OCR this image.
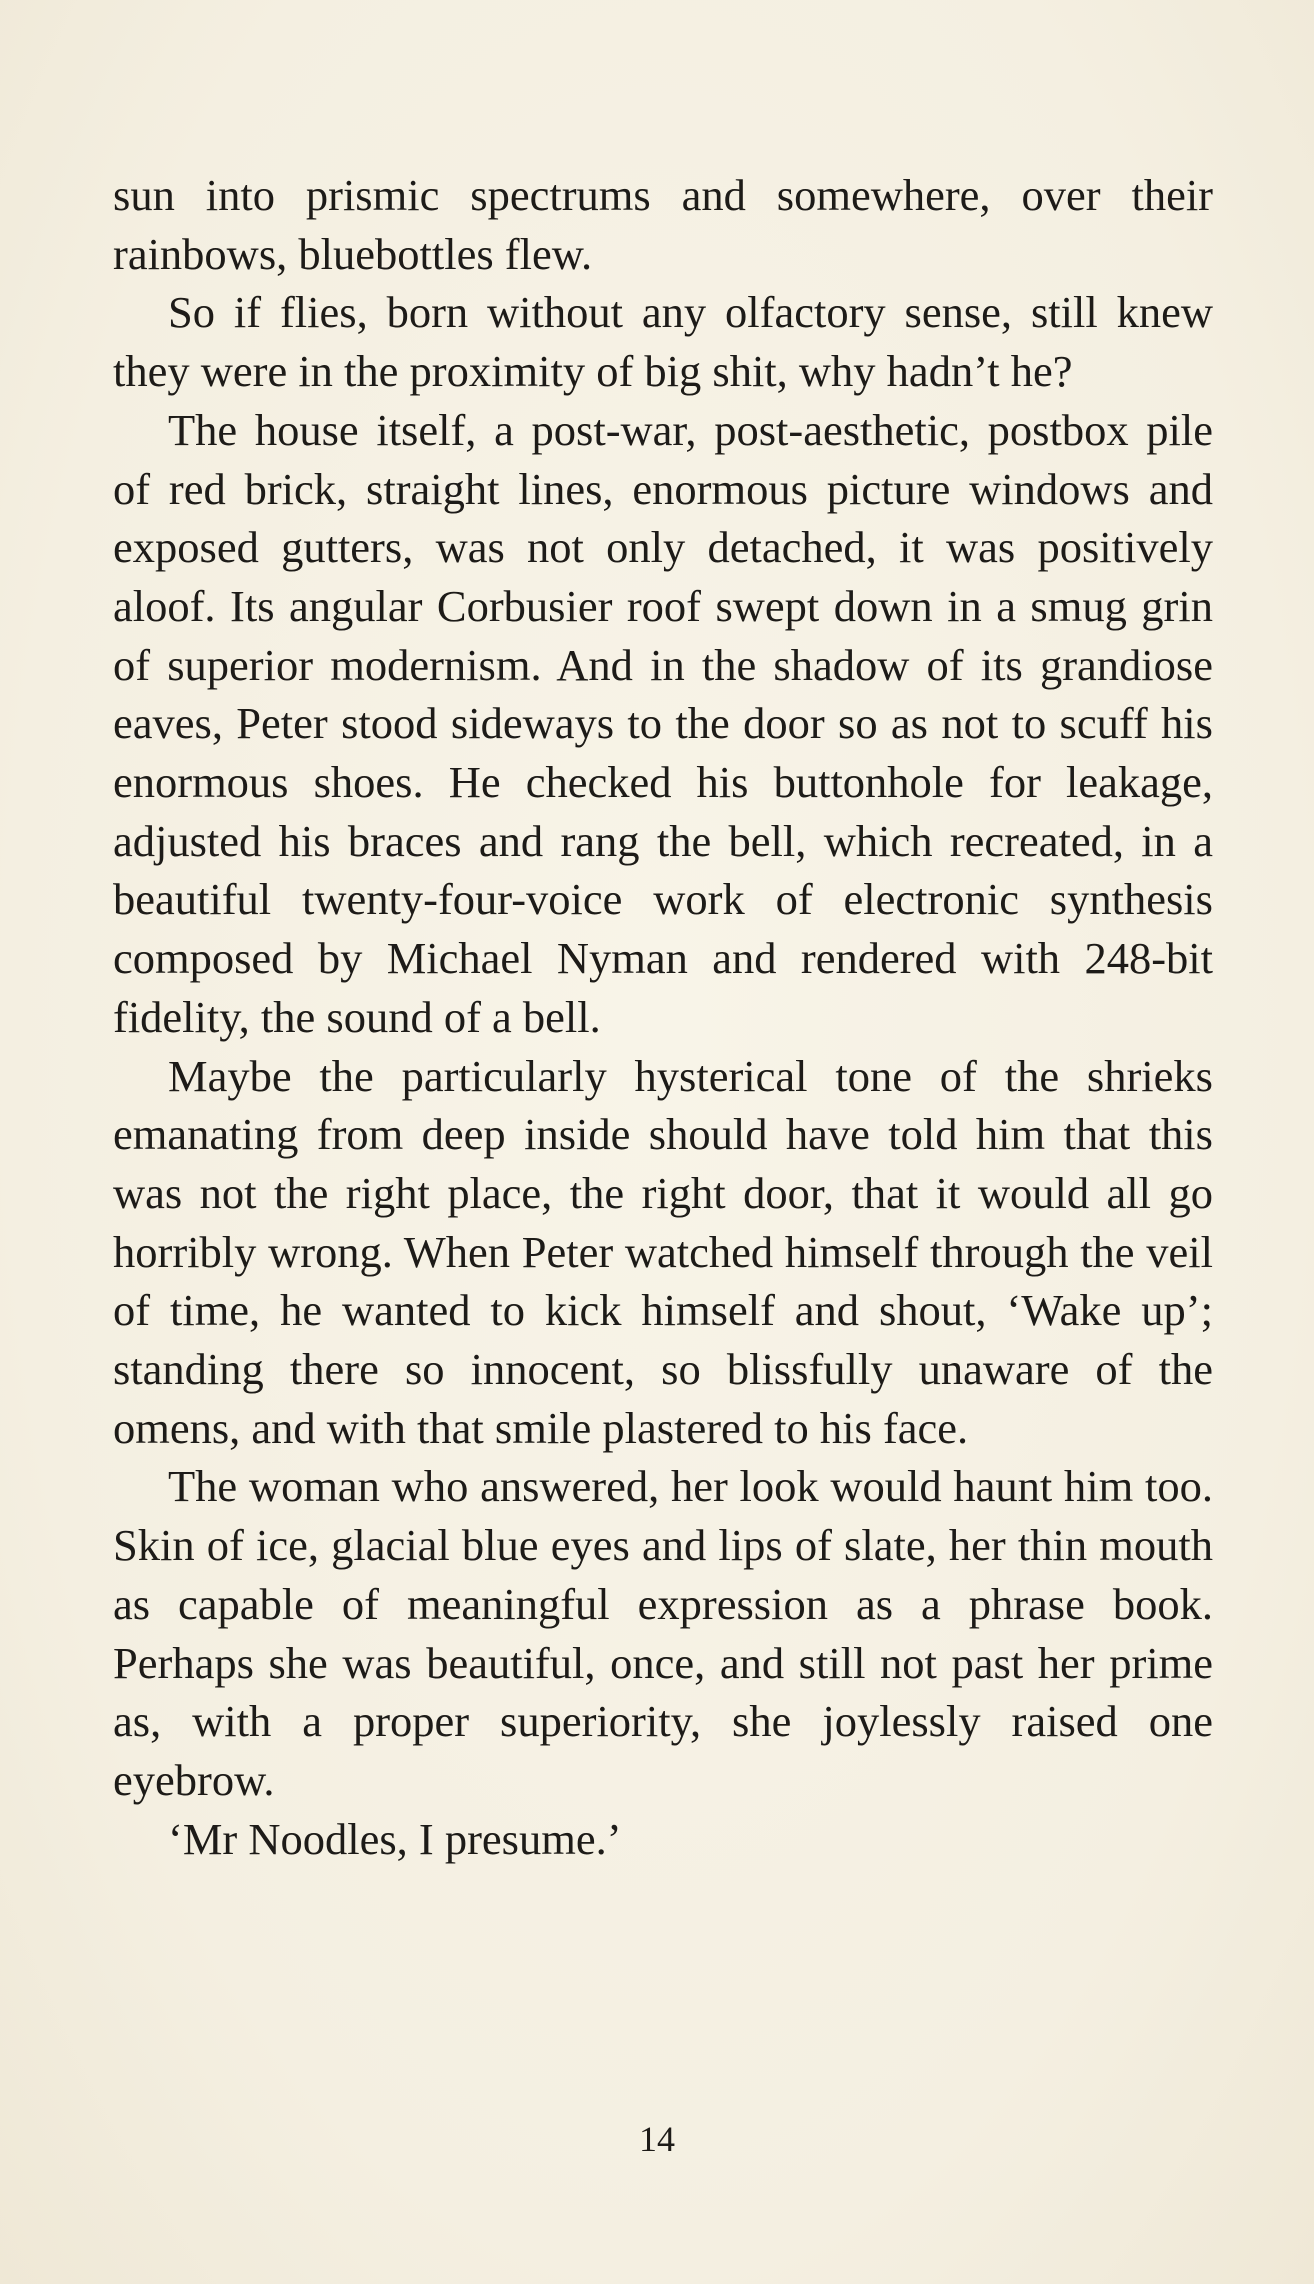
sun into prismic spectrums and somewhere, over their rainbows, bluebottles flew.

So if flies, born without any olfactory sense, still knew they were in the proximity of big shit, why hadn’t he?

The house itself, a post-war, post-aesthetic, postbox pile of red brick, straight lines, enormous picture windows and exposed gutters, was not only detached, it was positively aloof. Its angular Corbusier roof swept down in a smug grin of superior modernism. And in the shadow of its grandiose eaves, Peter stood sideways to the door so as not to scuff his enormous shoes. He checked his buttonhole for leakage, adjusted his braces and rang the bell, which recreated, in a beautiful twenty-four-voice work of electronic synthesis composed by Michael Nyman and rendered with 248-bit fidelity, the sound of a bell.

Maybe the particularly hysterical tone of the shrieks emanating from deep inside should have told him that this was not the right place, the right door, that it would all go horribly wrong. When Peter watched himself through the veil of time, he wanted to kick himself and shout, ‘Wake up’; standing there so innocent, so blissfully unaware of the omens, and with that smile plastered to his face.

The woman who answered, her look would haunt him too. Skin of ice, glacial blue eyes and lips of slate, her thin mouth as capable of meaningful expression as a phrase book. Perhaps she was beautiful, once, and still not past her prime as, with a proper superiority, she joylessly raised one eyebrow.

‘Mr Noodles, I presume.’

14
